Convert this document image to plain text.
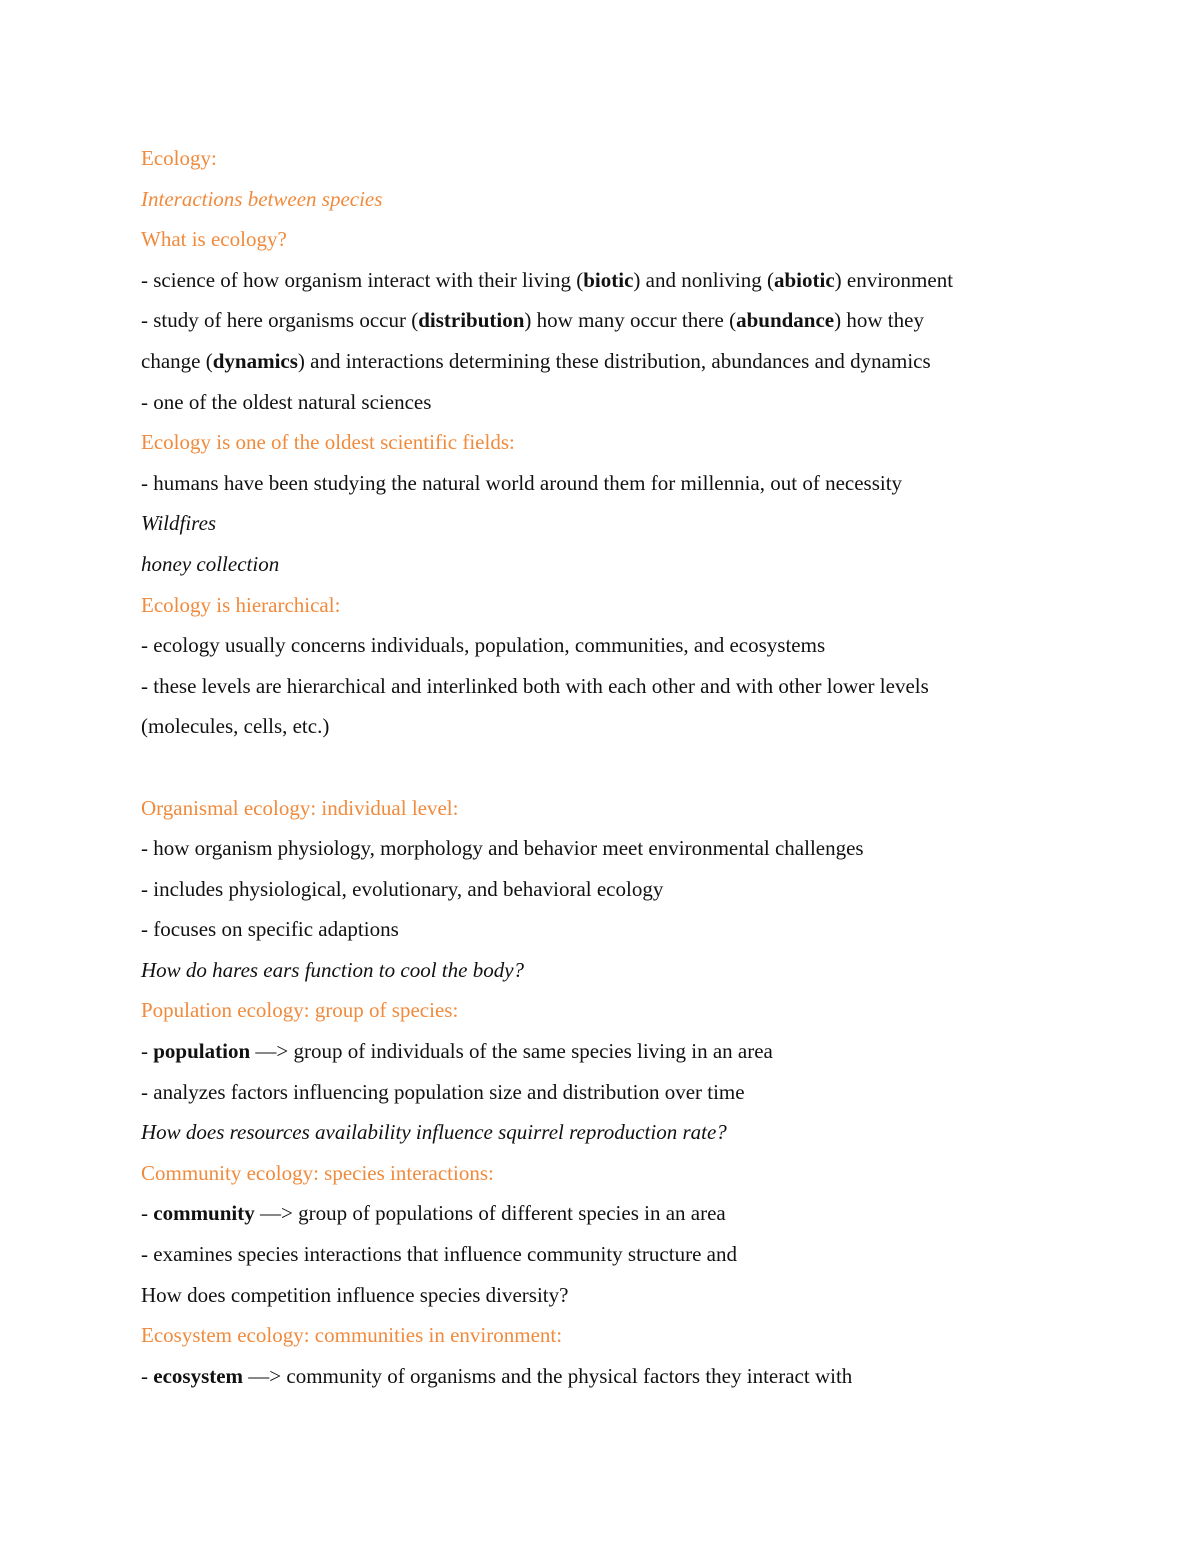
Ecology:
Interactions between species
What is ecology?
- science of how organism interact with their living (biotic) and nonliving (abiotic) environment
- study of here organisms occur (distribution) how many occur there (abundance) how they
change (dynamics) and interactions determining these distribution, abundances and dynamics
- one of the oldest natural sciences
Ecology is one of the oldest scientific fields:
- humans have been studying the natural world around them for millennia, out of necessity
Wildfires
honey collection
Ecology is hierarchical:
- ecology usually concerns individuals, population, communities, and ecosystems
- these levels are hierarchical and interlinked both with each other and with other lower levels
(molecules, cells, etc.)
Organismal ecology: individual level:
- how organism physiology, morphology and behavior meet environmental challenges
- includes physiological, evolutionary, and behavioral ecology
- focuses on specific adaptions
How do hares ears function to cool the body?
Population ecology: group of species:
- population —> group of individuals of the same species living in an area
- analyzes factors influencing population size and distribution over time
How does resources availability influence squirrel reproduction rate?
Community ecology: species interactions:
- community —> group of populations of different species in an area
- examines species interactions that influence community structure and
How does competition influence species diversity?
Ecosystem ecology: communities in environment:
- ecosystem —> community of organisms and the physical factors they interact with
